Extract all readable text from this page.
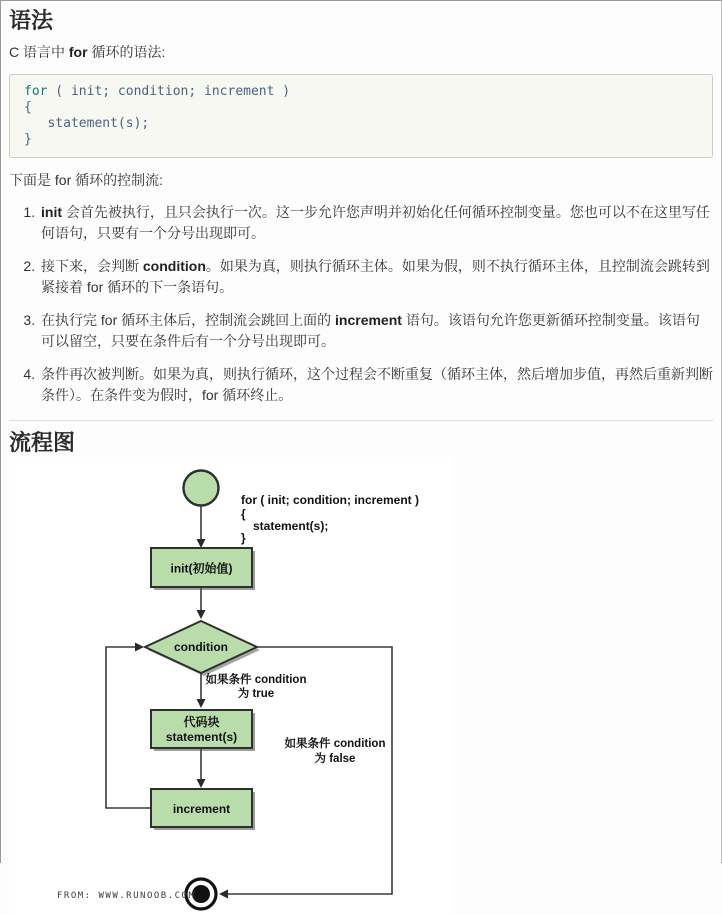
语法

C 语言中 for 循环的语法:

for ( init; condition; increment )
{
statement(s);
}

下面是 for 循环的控制流:

1. init 会首先被执行，且只会执行一次。这一步允许您声明并初始化任何循环控制变量。您也可以不在这里写任何语句，只要有一个分号出现即可。
2. 接下来，会判断 condition。如果为真，则执行循环主体。如果为假，则不执行循环主体，且控制流会跳转到紧接着 for 循环的下一条语句。
3. 在执行完 for 循环主体后，控制流会跳回上面的 increment 语句。该语句允许您更新循环控制变量。该语句可以留空，只要在条件后有一个分号出现即可。
4. 条件再次被判断。如果为真，则执行循环，这个过程会不断重复（循环主体，然后增加步值，再然后重新判断条件）。在条件变为假时，for 循环终止。
流程图
for ( init; condition; increment )
{
statement(s);
}
init(初始值)
condition
如果条件 condition
为 true
代码块
statement(s)	如果条件 condition
为 false
increment
FROM: WWW.RUNOOB.COM
